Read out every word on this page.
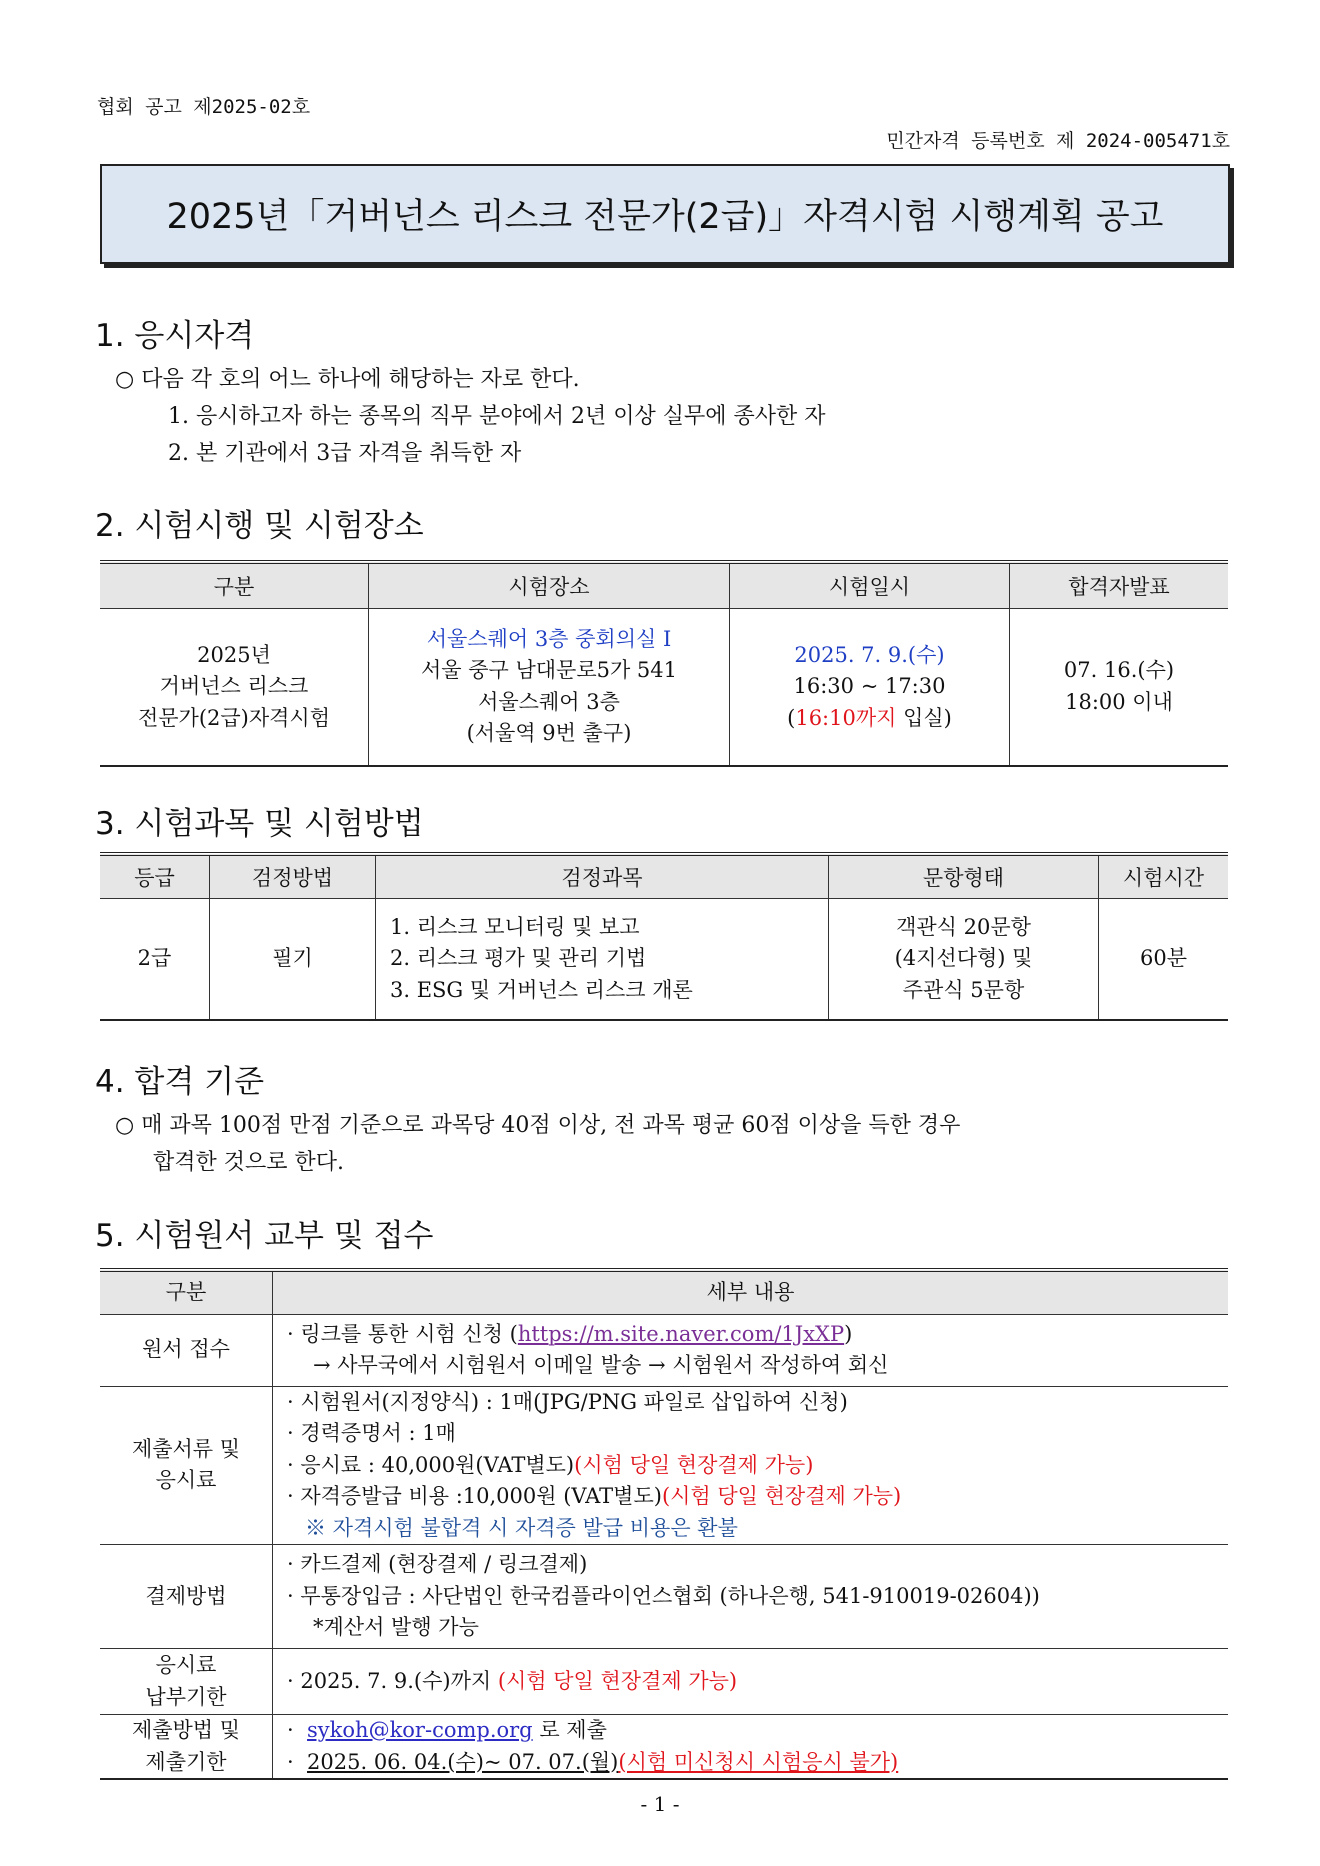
협회 공고 제2025-02호
민간자격 등록번호 제 2024-005471호
2025년「거버넌스 리스크 전문가(2급)」자격시험 시행계획 공고
1. 응시자격
○ 다음 각 호의 어느 하나에 해당하는 자로 한다.
1. 응시하고자 하는 종목의 직무 분야에서 2년 이상 실무에 종사한 자
2. 본 기관에서 3급 자격을 취득한 자
2. 시험시행 및 시험장소
구분	시험장소	시험일시	합격자발표

2025년
거버넌스 리스크
전문가(2급)자격시험	서울스퀘어 3층 중회의실 I
서울 중구 남대문로5가 541
서울스퀘어 3층
(서울역 9번 출구)	2025. 7. 9.(수)
16:30 ~ 17:30
(16:10까지 입실)	07. 16.(수)
18:00 이내
3. 시험과목 및 시험방법
등급	검정방법	검정과목	문항형태	시험시간
2급	필기	1. 리스크 모니터링 및 보고
2. 리스크 평가 및 관리 기법
3. ESG 및 거버넌스 리스크 개론	객관식 20문항
(4지선다형) 및
주관식 5문항	60분
4. 합격 기준
○ 매 과목 100점 만점 기준으로 과목당 40점 이상, 전 과목 평균 60점 이상을 득한 경우
합격한 것으로 한다.
5. 시험원서 교부 및 접수
구분	세부 내용
원서 접수	· 링크를 통한 시험 신청 (https://m.site.naver.com/1JxXP)
→ 사무국에서 시험원서 이메일 발송 → 시험원서 작성하여 회신

제출서류 및
응시료	· 시험원서(지정양식) : 1매(JPG/PNG 파일로 삽입하여 신청)
· 경력증명서 : 1매
· 응시료 : 40,000원(VAT별도)(시험 당일 현장결제 가능)
· 자격증발급 비용 :10,000원 (VAT별도)(시험 당일 현장결제 가능)
※ 자격시험 불합격 시 자격증 발급 비용은 환불

결제방법	· 카드결제 (현장결제 / 링크결제)
· 무통장입금 : 사단법인 한국컴플라이언스협회 (하나은행, 541-910019-02604))
*계산서 발행 가능

응시료
납부기한	· 2025. 7. 9.(수)까지 (시험 당일 현장결제 가능)

제출방법 및
제출기한	·  sykoh@kor-comp.org 로 제출
·  2025. 06. 04.(수)~ 07. 07.(월)(시험 미신청시 시험응시 불가)
- 1 -
